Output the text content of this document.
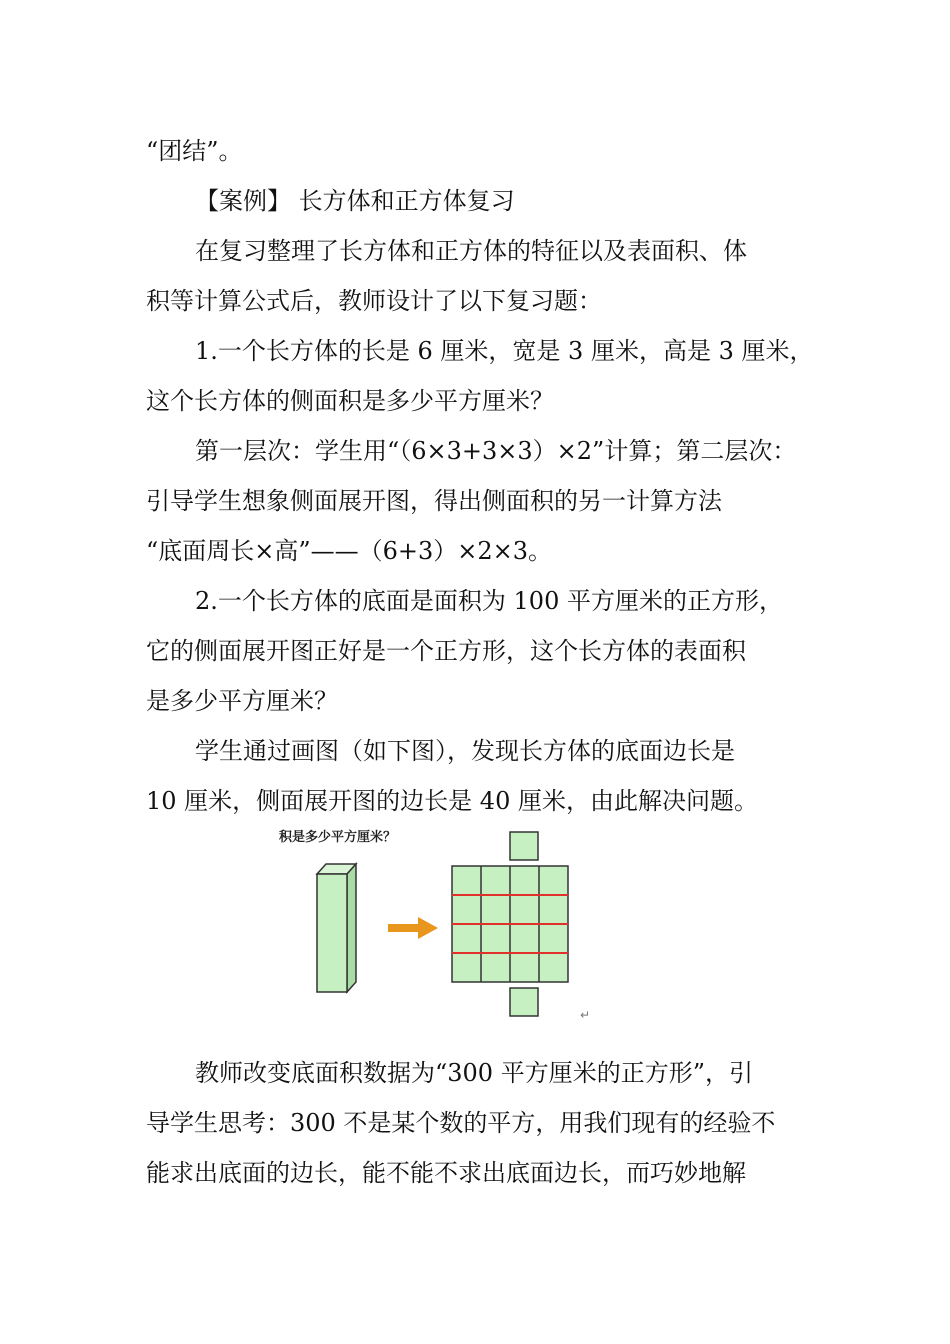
“团结”。
【案例】 长方体和正方体复习
在复习整理了长方体和正方体的特征以及表面积、体
积等计算公式后，教师设计了以下复习题：
1.一个长方体的长是 6 厘米，宽是 3 厘米，高是 3 厘米，
这个长方体的侧面积是多少平方厘米？
第一层次：学生用“（6×3+3×3）×2”计算；第二层次：
引导学生想象侧面展开图，得出侧面积的另一计算方法
“底面周长×高”——（6+3）×2×3。
2.一个长方体的底面是面积为 100 平方厘米的正方形，
它的侧面展开图正好是一个正方形，这个长方体的表面积
是多少平方厘米？
学生通过画图（如下图），发现长方体的底面边长是
10 厘米，侧面展开图的边长是 40 厘米，由此解决问题。
积是多少平方厘米？
↵
教师改变底面积数据为“300 平方厘米的正方形”，引
导学生思考：300 不是某个数的平方，用我们现有的经验不
能求出底面的边长，能不能不求出底面边长，而巧妙地解
